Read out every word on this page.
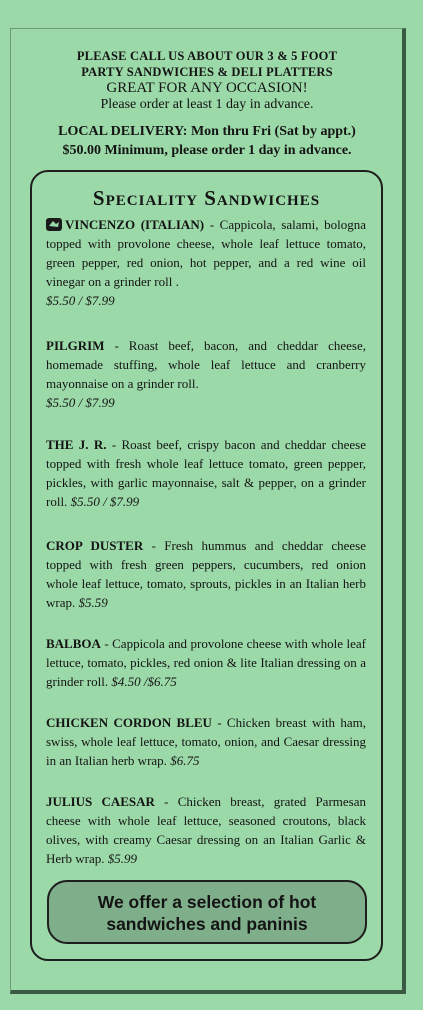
PLEASE CALL US ABOUT OUR 3 & 5 FOOT
PARTY SANDWICHES & DELI PLATTERS
GREAT FOR ANY OCCASION!
Please order at least 1 day in advance.
LOCAL DELIVERY: Mon thru Fri (Sat by appt.)
$50.00 Minimum, please order 1 day in advance.
Speciality Sandwiches
VINCENZO (ITALIAN) - Cappicola, salami, bologna topped with provolone cheese, whole leaf lettuce tomato, green pepper, red onion, hot pepper, and a red wine oil vinegar on a grinder roll .
$5.50 / $7.99
PILGRIM - Roast beef, bacon, and cheddar cheese, homemade stuffing, whole leaf lettuce and cranberry mayonnaise on a grinder roll.
$5.50 / $7.99
THE J. R. - Roast beef, crispy bacon and cheddar cheese topped with fresh whole leaf lettuce tomato, green pepper, pickles, with garlic mayonnaise, salt & pepper, on a grinder roll. $5.50 / $7.99
CROP DUSTER - Fresh hummus and cheddar cheese topped with fresh green peppers, cucumbers, red onion whole leaf lettuce, tomato, sprouts, pickles in an Italian herb wrap. $5.59
BALBOA - Cappicola and provolone cheese with whole leaf lettuce, tomato, pickles, red onion & lite Italian dressing on a grinder roll. $4.50 /$6.75
CHICKEN CORDON BLEU - Chicken breast with ham, swiss, whole leaf lettuce, tomato, onion, and Caesar dressing in an Italian herb wrap. $6.75
JULIUS CAESAR - Chicken breast, grated Parmesan cheese with whole leaf lettuce, seasoned croutons, black olives, with creamy Caesar dressing on an Italian Garlic & Herb wrap. $5.99
We offer a selection of hot
sandwiches and paninis
